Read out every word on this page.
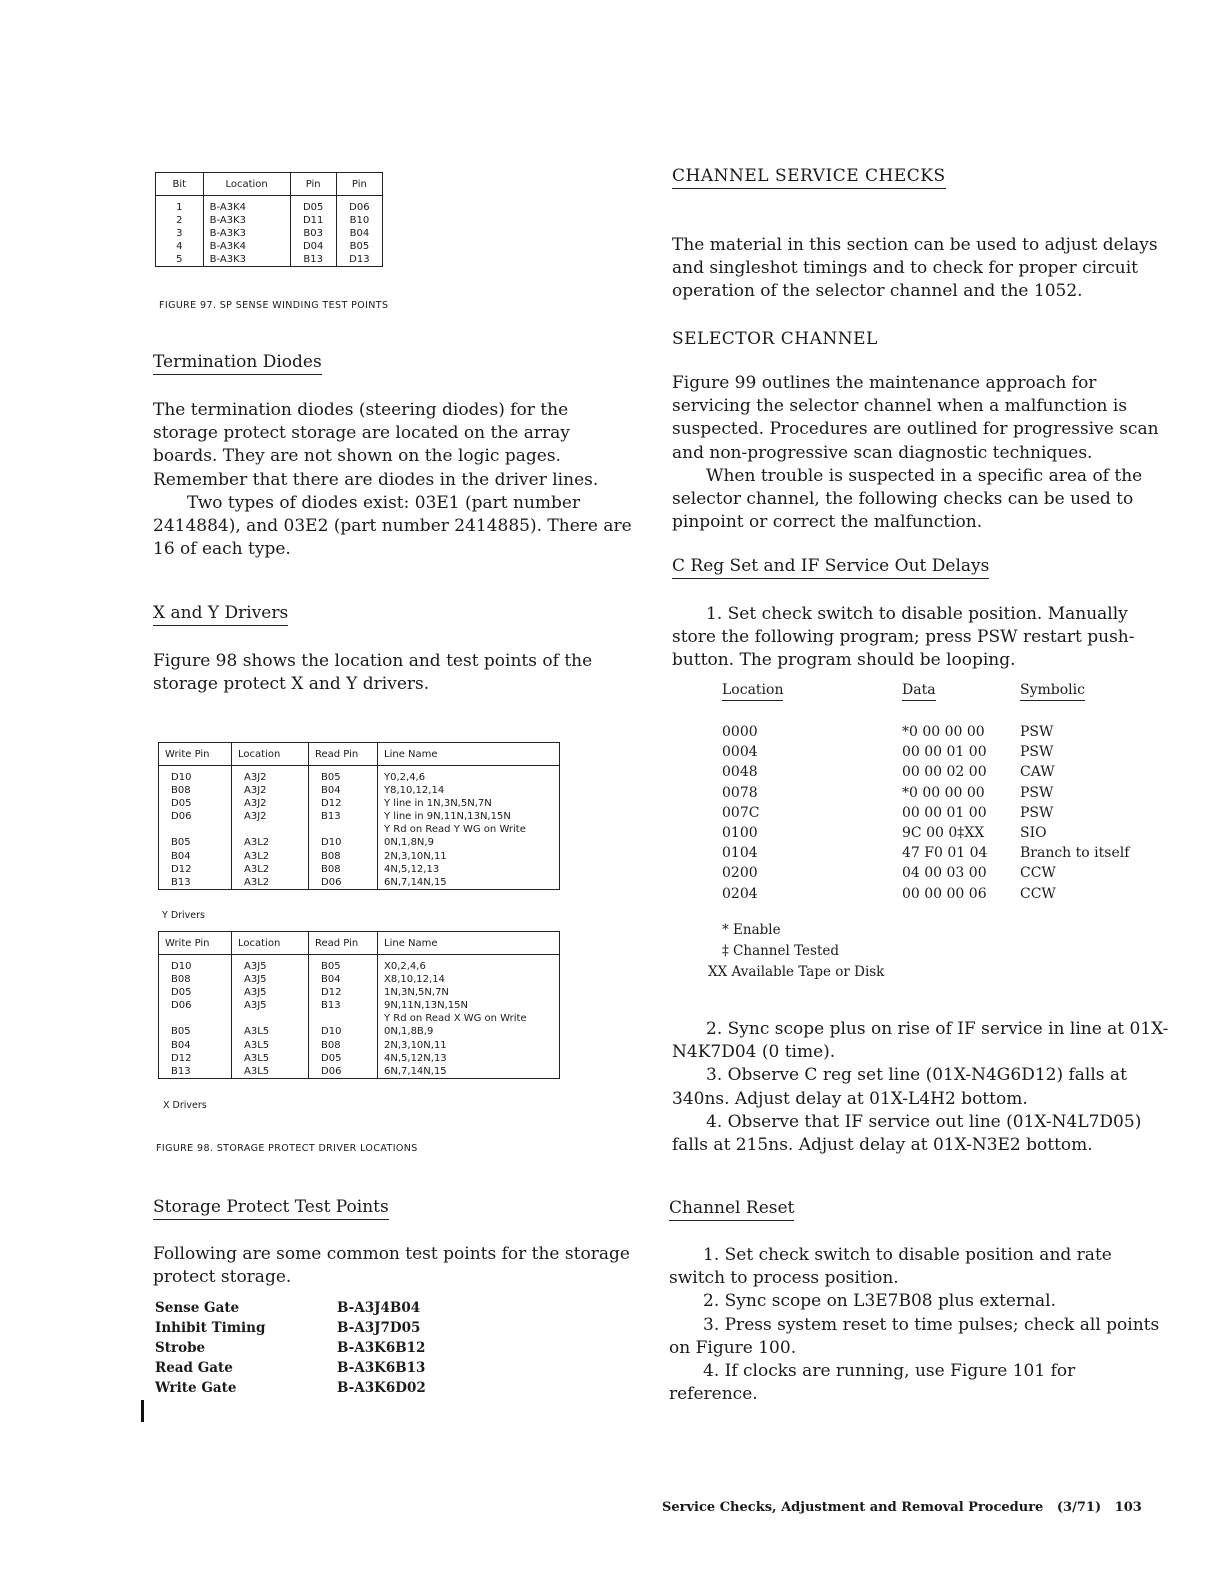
Bit	Location	Pin	Pin
1	B-A3K4	D05	D06
2	B-A3K3	D11	B10
3	B-A3K3	B03	B04
4	B-A3K4	D04	B05
5	B-A3K3	B13	D13
FIGURE 97. SP SENSE WINDING TEST POINTS
Termination Diodes

The termination diodes (steering diodes) for the storage protect storage are located on the array boards. They are not shown on the logic pages. Remember that there are diodes in the driver lines.

Two types of diodes exist: 03E1 (part number 2414884), and 03E2 (part number 2414885). There are 16 of each type.

X and Y Drivers

Figure 98 shows the location and test points of the storage protect X and Y drivers.

Write Pin	Location	Read Pin	Line Name
D10	A3J2	B05	Y0,2,4,6
B08	A3J2	B04	Y8,10,12,14
D05	A3J2	D12	Y line in 1N,3N,5N,7N
D06	A3J2	B13	Y line in 9N,11N,13N,15N
			Y Rd on Read Y WG on Write
B05	A3L2	D10	0N,1,8N,9
B04	A3L2	B08	2N,3,10N,11
D12	A3L2	B08	4N,5,12,13
B13	A3L2	D06	6N,7,14N,15
Y Drivers
Write Pin	Location	Read Pin	Line Name
D10	A3J5	B05	X0,2,4,6
B08	A3J5	B04	X8,10,12,14
D05	A3J5	D12	1N,3N,5N,7N
D06	A3J5	B13	9N,11N,13N,15N
			Y Rd on Read X WG on Write
B05	A3L5	D10	0N,1,8B,9
B04	A3L5	B08	2N,3,10N,11
D12	A3L5	D05	4N,5,12N,13
B13	A3L5	D06	6N,7,14N,15
X Drivers
FIGURE 98. STORAGE PROTECT DRIVER LOCATIONS
Storage Protect Test Points

Following are some common test points for the storage protect storage.

Sense Gate	B-A3J4B04
Inhibit Timing	B-A3J7D05
Strobe	B-A3K6B12
Read Gate	B-A3K6B13
Write Gate	B-A3K6D02
CHANNEL SERVICE CHECKS

The material in this section can be used to adjust delays and singleshot timings and to check for proper circuit operation of the selector channel and the 1052.

SELECTOR CHANNEL

Figure 99 outlines the maintenance approach for servicing the selector channel when a malfunction is suspected. Procedures are outlined for progressive scan and non-progressive scan diagnostic techniques.

When trouble is suspected in a specific area of the selector channel, the following checks can be used to pinpoint or correct the malfunction.

C Reg Set and IF Service Out Delays

1. Set check switch to disable position. Manually store the following program; press PSW restart push-button. The program should be looping.

Location	Data	Symbolic
0000	*0 00 00 00	PSW
0004	00 00 01 00	PSW
0048	00 00 02 00	CAW
0078	*0 00 00 00	PSW
007C	00 00 01 00	PSW
0100	9C 00 0‡XX	SIO
0104	47 F0 01 04	Branch to itself
0200	04 00 03 00	CCW
0204	00 00 00 06	CCW
* Enable
‡ Channel Tested
XX Available Tape or Disk

2. Sync scope plus on rise of IF service in line at 01X-N4K7D04 (0 time).

3. Observe C reg set line (01X-N4G6D12) falls at 340ns. Adjust delay at 01X-L4H2 bottom.

4. Observe that IF service out line (01X-N4L7D05) falls at 215ns. Adjust delay at 01X-N3E2 bottom.

Channel Reset

1. Set check switch to disable position and rate switch to process position.

2. Sync scope on L3E7B08 plus external.

3. Press system reset to time pulses; check all points on Figure 100.

4. If clocks are running, use Figure 101 for reference.

Service Checks, Adjustment and Removal Procedure (3/71) 103
